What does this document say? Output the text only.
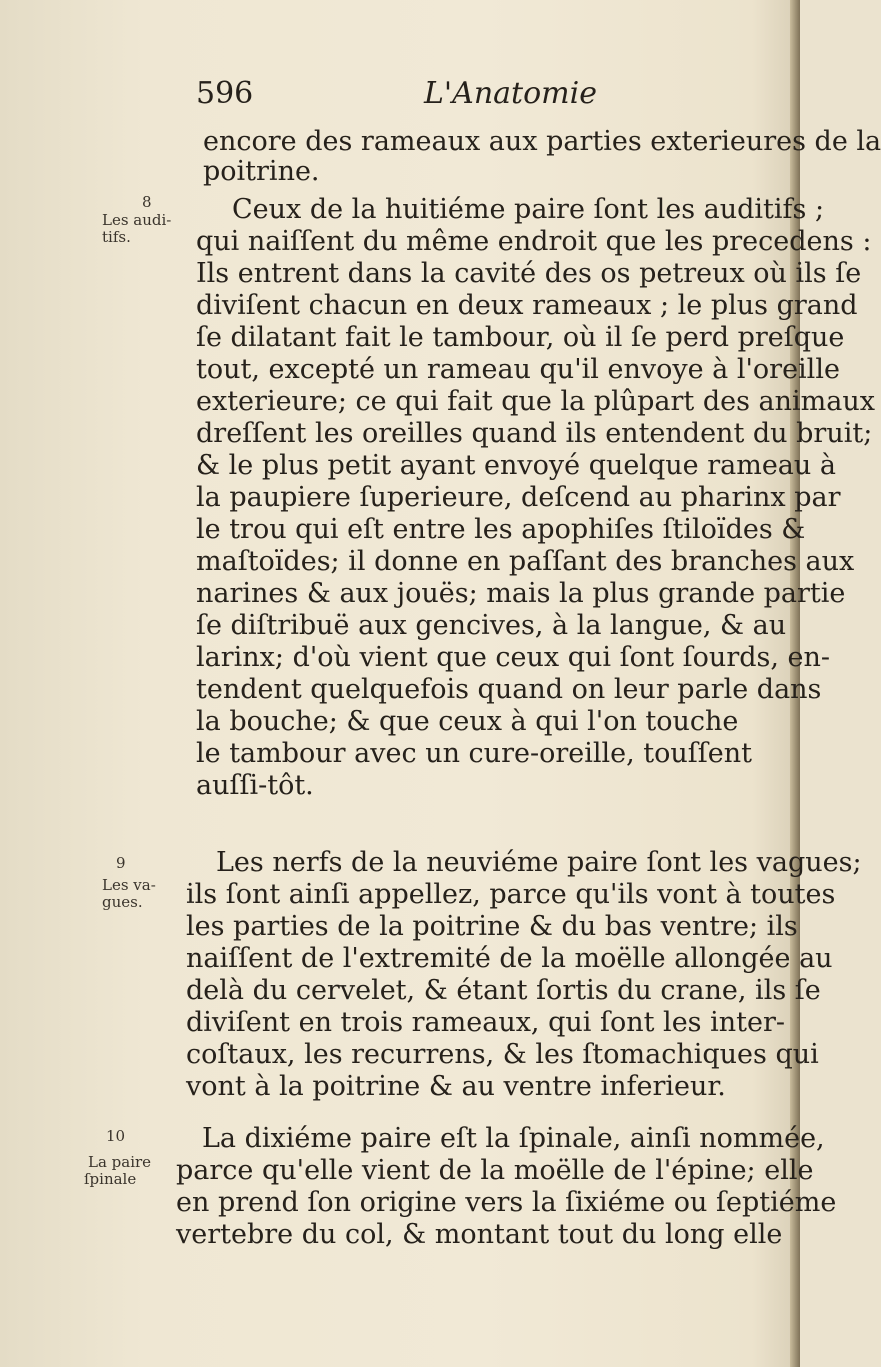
596	L'Anatomie
encore des rameaux aux parties exterieures de la
poitrine.
Ceux de la huitiéme paire ſont les auditifs ;
qui naiſſent du même endroit que les precedens :
Ils entrent dans la cavité des os petreux où ils ſe
diviſent chacun en deux rameaux ; le plus grand
ſe dilatant fait le tambour, où il ſe perd preſque
tout, excepté un rameau qu'il envoye à l'oreille
exterieure; ce qui fait que la plûpart des animaux
dreſſent les oreilles quand ils entendent du bruit;
& le plus petit ayant envoyé quelque rameau à
la paupiere ſuperieure, deſcend au pharinx par
le trou qui eſt entre les apophiſes ſtiloïdes &
maſtoïdes; il donne en paſſant des branches aux
narines & aux jouës; mais la plus grande partie
ſe diſtribuë aux gencives, à la langue, & au
larinx; d'où vient que ceux qui ſont ſourds, en-
tendent quelquefois quand on leur parle dans
la bouche; & que ceux à qui l'on touche
le tambour avec un cure-oreille, touſſent
auſſi-tôt.
Les nerfs de la neuviéme paire ſont les vagues;
ils ſont ainſi appellez, parce qu'ils vont à toutes
les parties de la poitrine & du bas ventre; ils
naiſſent de l'extremité de la moëlle allongée au
delà du cervelet, & étant ſortis du crane, ils ſe
diviſent en trois rameaux, qui ſont les inter-
coſtaux, les recurrens, & les ſtomachiques qui
vont à la poitrine & au ventre inferieur.
La dixiéme paire eſt la ſpinale, ainſi nommée,
parce qu'elle vient de la moëlle de l'épine; elle
en prend ſon origine vers la ſixiéme ou ſeptiéme
vertebre du col, & montant tout du long elle
8
Les audi-
tifs.
9
Les va-
gues.
10
La paire
ſpinale
